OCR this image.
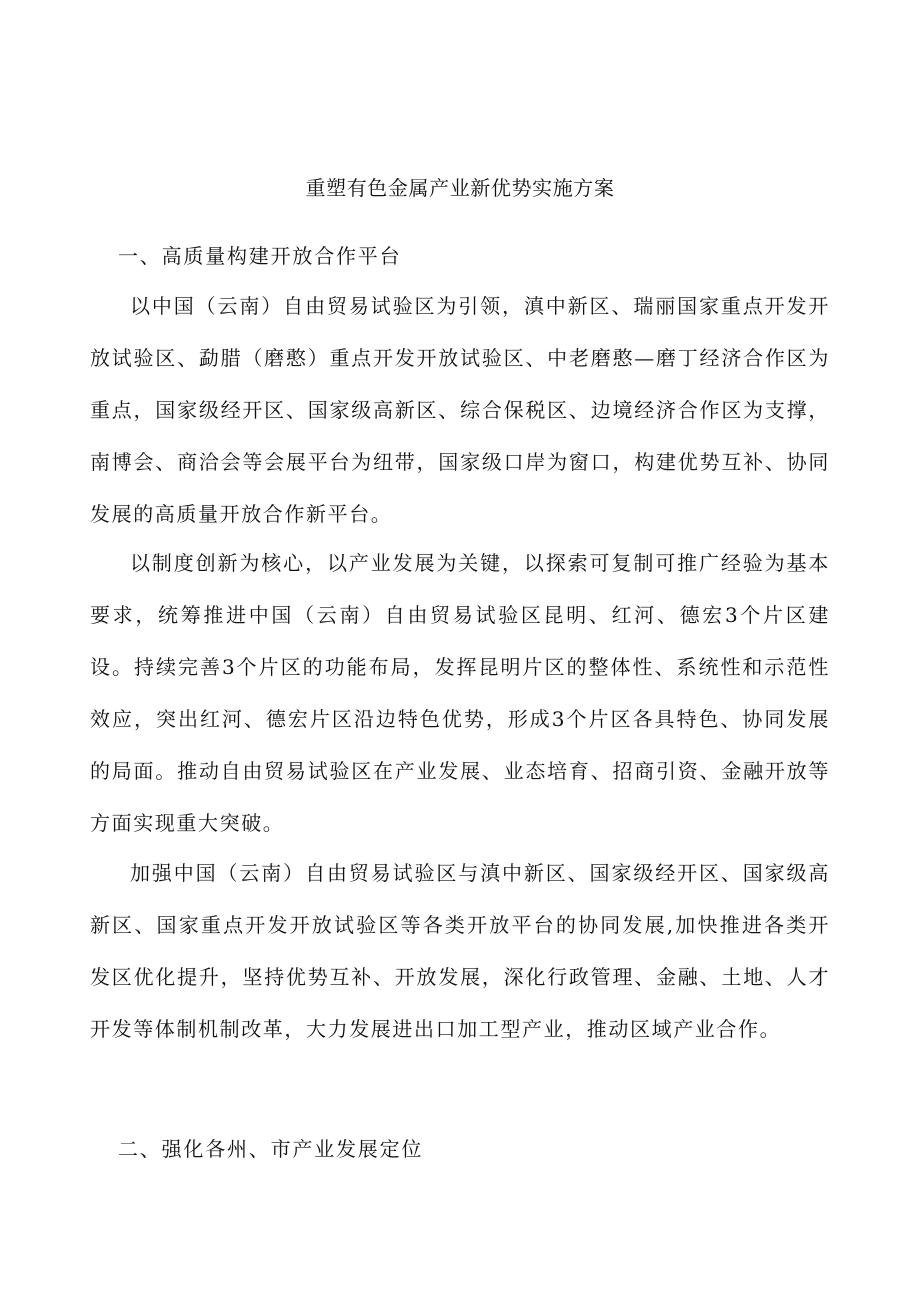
重塑有色金属产业新优势实施方案
一、高质量构建开放合作平台

以中国（云南）自由贸易试验区为引领，滇中新区、瑞丽国家重点开发开放试验区、勐腊（磨憨）重点开发开放试验区、中老磨憨—磨丁经济合作区为重点，国家级经开区、国家级高新区、综合保税区、边境经济合作区为支撑，南博会、商洽会等会展平台为纽带，国家级口岸为窗口，构建优势互补、协同发展的高质量开放合作新平台。

以制度创新为核心，以产业发展为关键，以探索可复制可推广经验为基本要求，统筹推进中国（云南）自由贸易试验区昆明、红河、德宏3个片区建设。持续完善3个片区的功能布局，发挥昆明片区的整体性、系统性和示范性效应，突出红河、德宏片区沿边特色优势，形成3个片区各具特色、协同发展的局面。推动自由贸易试验区在产业发展、业态培育、招商引资、金融开放等方面实现重大突破。

加强中国（云南）自由贸易试验区与滇中新区、国家级经开区、国家级高新区、国家重点开发开放试验区等各类开放平台的协同发展,加快推进各类开发区优化提升，坚持优势互补、开放发展，深化行政管理、金融、土地、人才开发等体制机制改革，大力发展进出口加工型产业，推动区域产业合作。

二、强化各州、市产业发展定位
